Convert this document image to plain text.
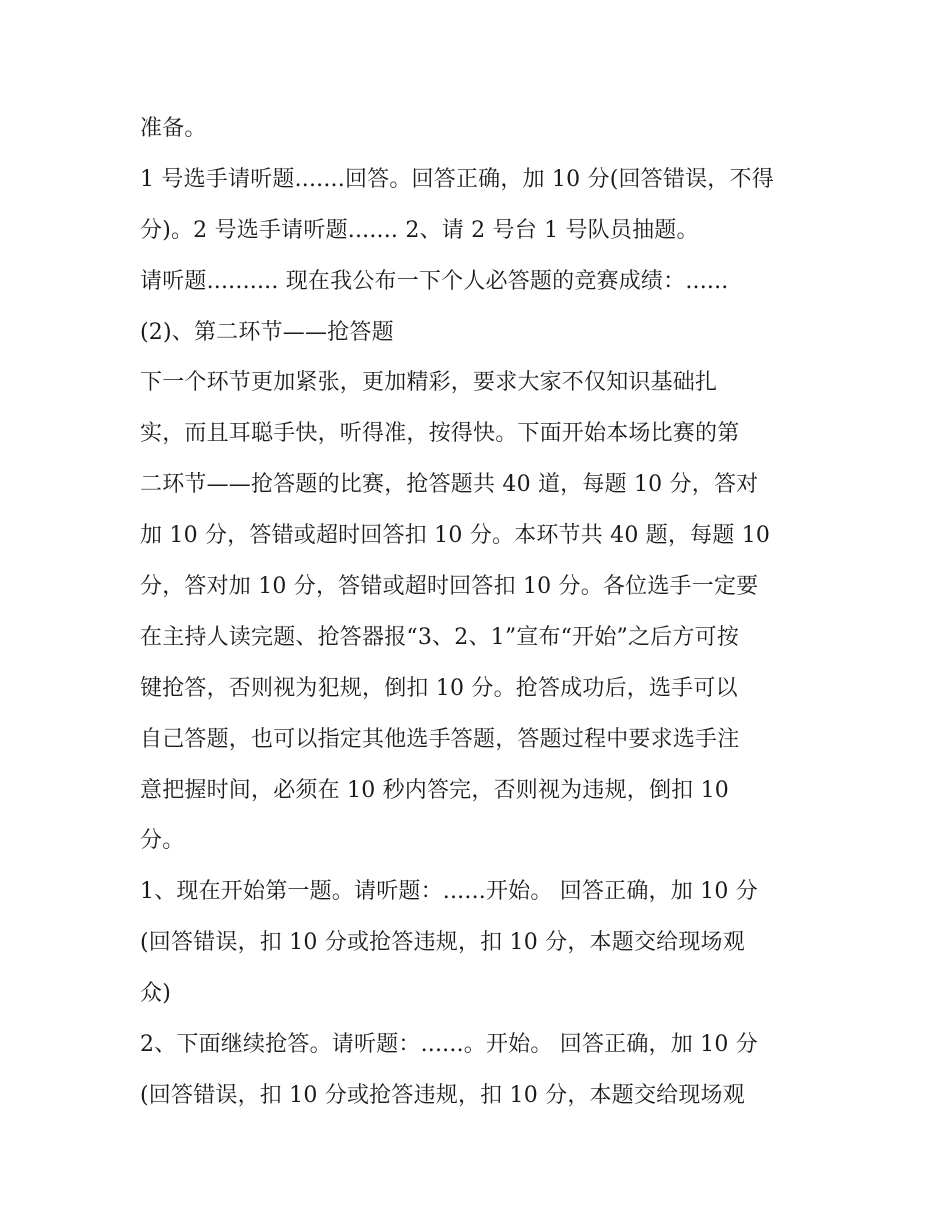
准备。
1 号选手请听题.......回答。回答正确，加 10 分(回答错误，不得
分)。2 号选手请听题....... 2、请 2 号台 1 号队员抽题。
请听题.......... 现在我公布一下个人必答题的竞赛成绩：......
(2)、第二环节——抢答题
下一个环节更加紧张，更加精彩，要求大家不仅知识基础扎
实，而且耳聪手快，听得准，按得快。下面开始本场比赛的第
二环节——抢答题的比赛，抢答题共 40 道，每题 10 分，答对
加 10 分，答错或超时回答扣 10 分。本环节共 40 题，每题 10
分，答对加 10 分，答错或超时回答扣 10 分。各位选手一定要
在主持人读完题、抢答器报“3、2、1”宣布“开始”之后方可按
键抢答，否则视为犯规，倒扣 10 分。抢答成功后，选手可以
自己答题，也可以指定其他选手答题，答题过程中要求选手注
意把握时间，必须在 10 秒内答完，否则视为违规，倒扣 10
分。
1、现在开始第一题。请听题：......开始。 回答正确，加 10 分
(回答错误，扣 10 分或抢答违规，扣 10 分，本题交给现场观
众)
2、下面继续抢答。请听题：......。开始。 回答正确，加 10 分
(回答错误，扣 10 分或抢答违规，扣 10 分，本题交给现场观
